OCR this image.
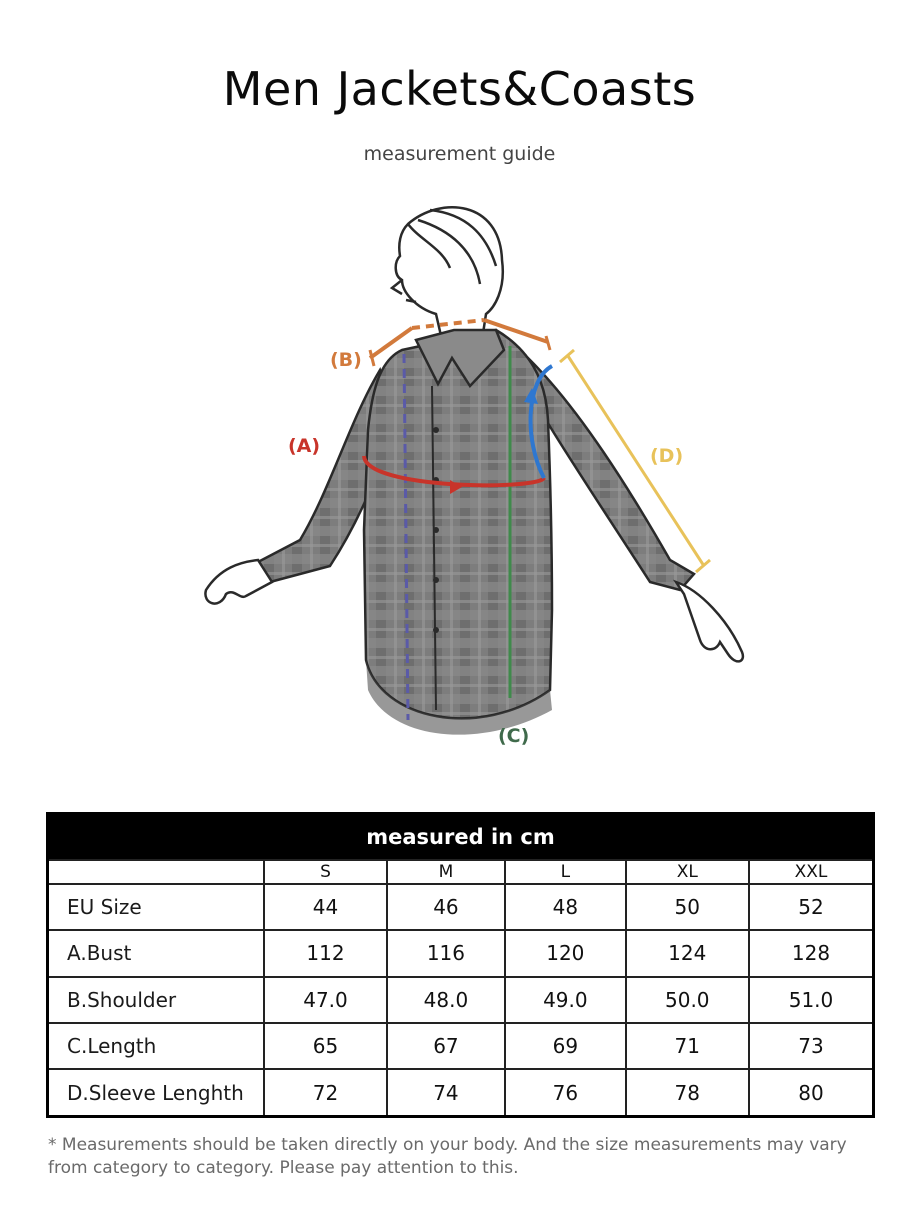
Men Jackets&Coasts
measurement guide
(B)
(A)	(D)
(C)
measured in cm					
	S	M	L	XL	XXL
EU Size	44	46	48	50	52
A.Bust	112	116	120	124	128
B.Shoulder	47.0	48.0	49.0	50.0	51.0
C.Length	65	67	69	71	73
D.Sleeve Lenghth	72	74	76	78	80
* Measurements should be taken directly on your body. And the size measurements may vary from category to category. Please pay attention to this.
